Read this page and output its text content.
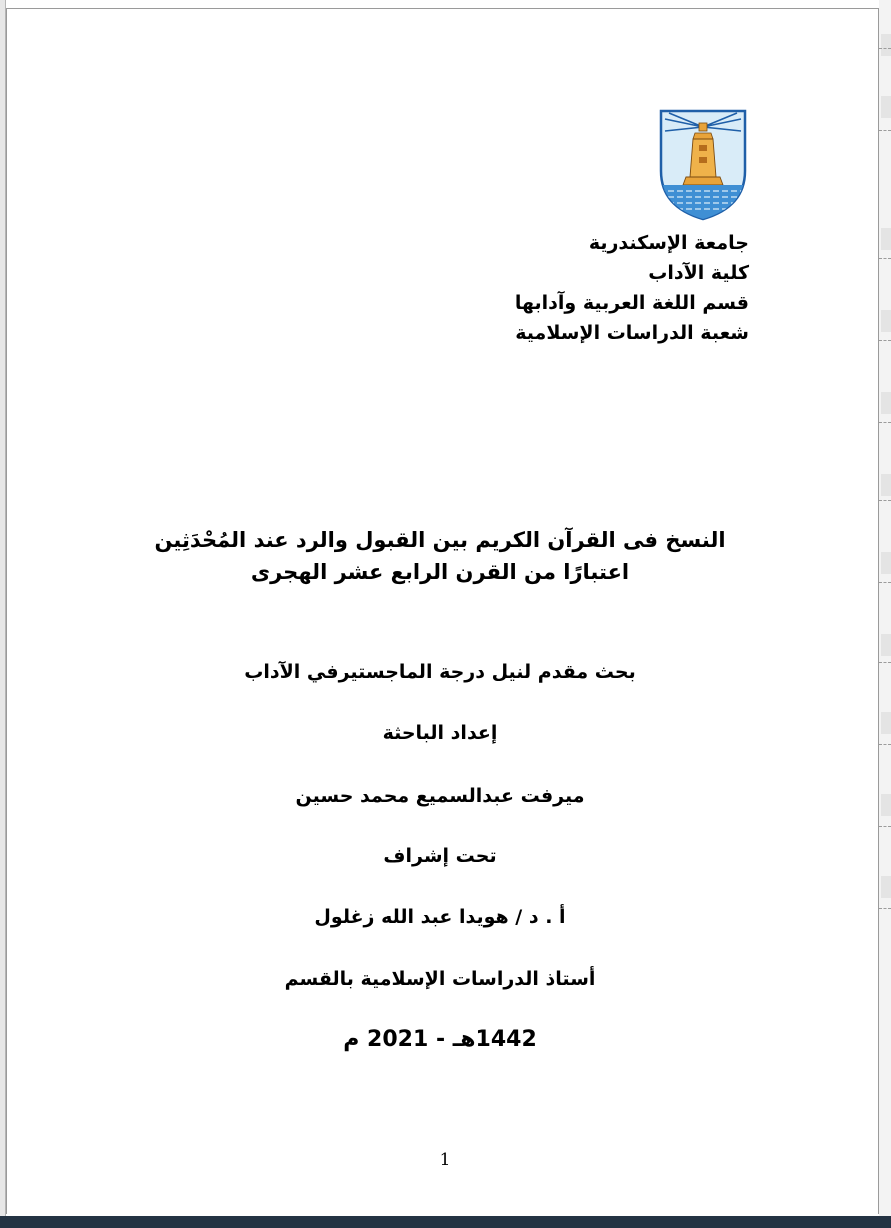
جامعة الإسكندرية
كلية الآداب
قسم اللغة العربية وآدابها
شعبة الدراسات الإسلامية
النسخ فى القرآن الكريم بين القبول والرد عند المُحْدَثِين
اعتبارًا من القرن الرابع عشر الهجرى
بحث مقدم لنيل درجة الماجستيرفي الآداب
إعداد الباحثة
ميرفت عبدالسميع محمد حسين
تحت إشراف
أ . د / هويدا عبد الله زغلول
أستاذ الدراسات الإسلامية بالقسم
1442هـ - 2021 م
1
